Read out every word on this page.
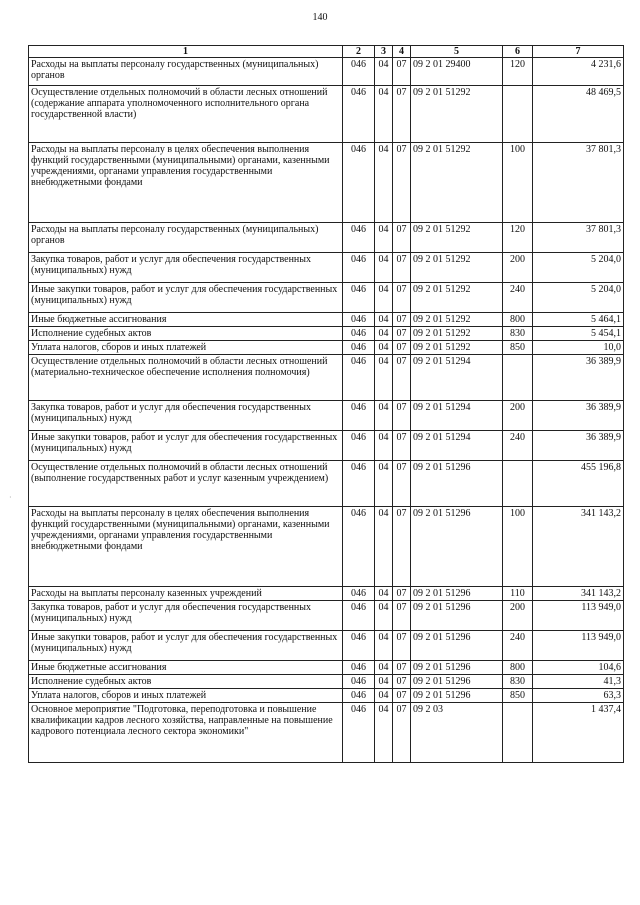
140
1	2	3	4	5	6	7
Расходы на выплаты персоналу государственных (муниципальных) органов	046	04	07	09 2 01 29400	120	4 231,6
Осуществление отдельных полномочий в области лесных отношений (содержание аппарата уполномоченного исполнительного органа государственной власти)	046	04	07	09 2 01 51292		48 469,5
Расходы на выплаты персоналу в целях обеспечения выполнения функций государственными (муниципальными) органами, казенными учреждениями, органами управления государственными внебюджетными фондами	046	04	07	09 2 01 51292	100	37 801,3
Расходы на выплаты персоналу государственных (муниципальных) органов	046	04	07	09 2 01 51292	120	37 801,3
Закупка товаров, работ и услуг для обеспечения государственных (муниципальных) нужд	046	04	07	09 2 01 51292	200	5 204,0
Иные закупки товаров, работ и услуг для обеспечения государственных (муниципальных) нужд	046	04	07	09 2 01 51292	240	5 204,0
Иные бюджетные ассигнования	046	04	07	09 2 01 51292	800	5 464,1
Исполнение судебных актов	046	04	07	09 2 01 51292	830	5 454,1
Уплата налогов, сборов и иных платежей	046	04	07	09 2 01 51292	850	10,0
Осуществление отдельных полномочий в области лесных отношений (материально-техническое обеспечение исполнения полномочия)	046	04	07	09 2 01 51294		36 389,9
Закупка товаров, работ и услуг для обеспечения государственных (муниципальных) нужд	046	04	07	09 2 01 51294	200	36 389,9
Иные закупки товаров, работ и услуг для обеспечения государственных (муниципальных) нужд	046	04	07	09 2 01 51294	240	36 389,9
Осуществление отдельных полномочий в области лесных отношений (выполнение государственных работ и услуг казенным учреждением)	046	04	07	09 2 01 51296		455 196,8
Расходы на выплаты персоналу в целях обеспечения выполнения функций государственными (муниципальными) органами, казенными учреждениями, органами управления государственными внебюджетными фондами	046	04	07	09 2 01 51296	100	341 143,2
Расходы на выплаты персоналу казенных учреждений	046	04	07	09 2 01 51296	110	341 143,2
Закупка товаров, работ и услуг для обеспечения государственных (муниципальных) нужд	046	04	07	09 2 01 51296	200	113 949,0
Иные закупки товаров, работ и услуг для обеспечения государственных (муниципальных) нужд	046	04	07	09 2 01 51296	240	113 949,0
Иные бюджетные ассигнования	046	04	07	09 2 01 51296	800	104,6
Исполнение судебных актов	046	04	07	09 2 01 51296	830	41,3
Уплата налогов, сборов и иных платежей	046	04	07	09 2 01 51296	850	63,3
Основное мероприятие "Подготовка, переподготовка и повышение квалификации кадров лесного хозяйства, направленные на повышение кадрового потенциала лесного сектора экономики"	046	04	07	09 2 03		1 437,4
·
